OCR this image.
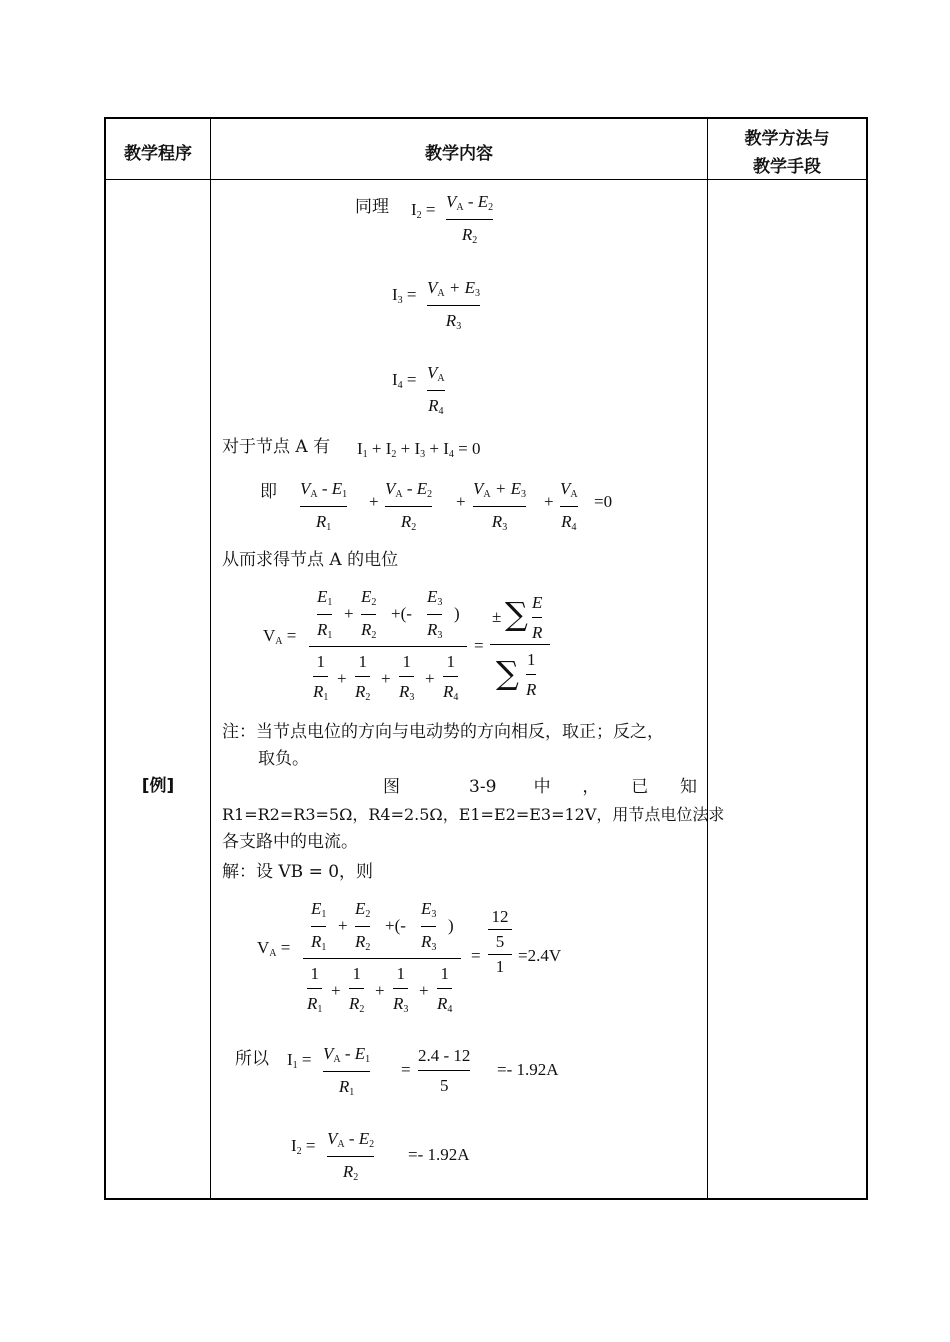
教学程序	教学内容
教学方法与
教学手段
[例]
同理 $I_2 = V_A - E_2$
$R_2$
$I_3 = V_A + E_3$
$R_3$
$I_4 = V_A$
$R_4$
对于节点 A 有 $I_1 + I_2 + I_3 + I_4 = 0$
即 $V_A - E_1$
$R_1$
+
$V_A - E_2$
$R_2$
+
$V_A + E_3$
$R_3$
+
$V_A$
$R_4$
=0
从而求得节点 A 的电位
$V_A$ =
$E_1$
$R_1$
+
$E_2$
$R_2$
+(-
$E_3$
$R_3$
)
1
$R_1$
+
1
$R_2$
+
1
$R_3$
+
1
$R_4$
=
± ∑ E
R
∑ 1
R
注：当节点电位的方向与电动势的方向相反，取正；反之，
取负。
图 3-9 中，已知
R1=R2=R3=5Ω，R4=2.5Ω，E1=E2=E3=12V，用节点电位法求
各支路中的电流。
解：设 VB = 0，则
$V_A$ =
$E_1$
$R_1$
+
$E_2$
$R_2$
+(-
$E_3$
$R_3$
)
1
$R_1$
+
1
$R_2$
+
1
$R_3$
+
1
$R_4$
=
12
5
1
=2.4V
所以 $I_1 = V_A - E_1$
$R_1$
=
2.4 - 12
5
=- 1.92A
$I_2 = V_A - E_2$
$R_2$
=- 1.92A
